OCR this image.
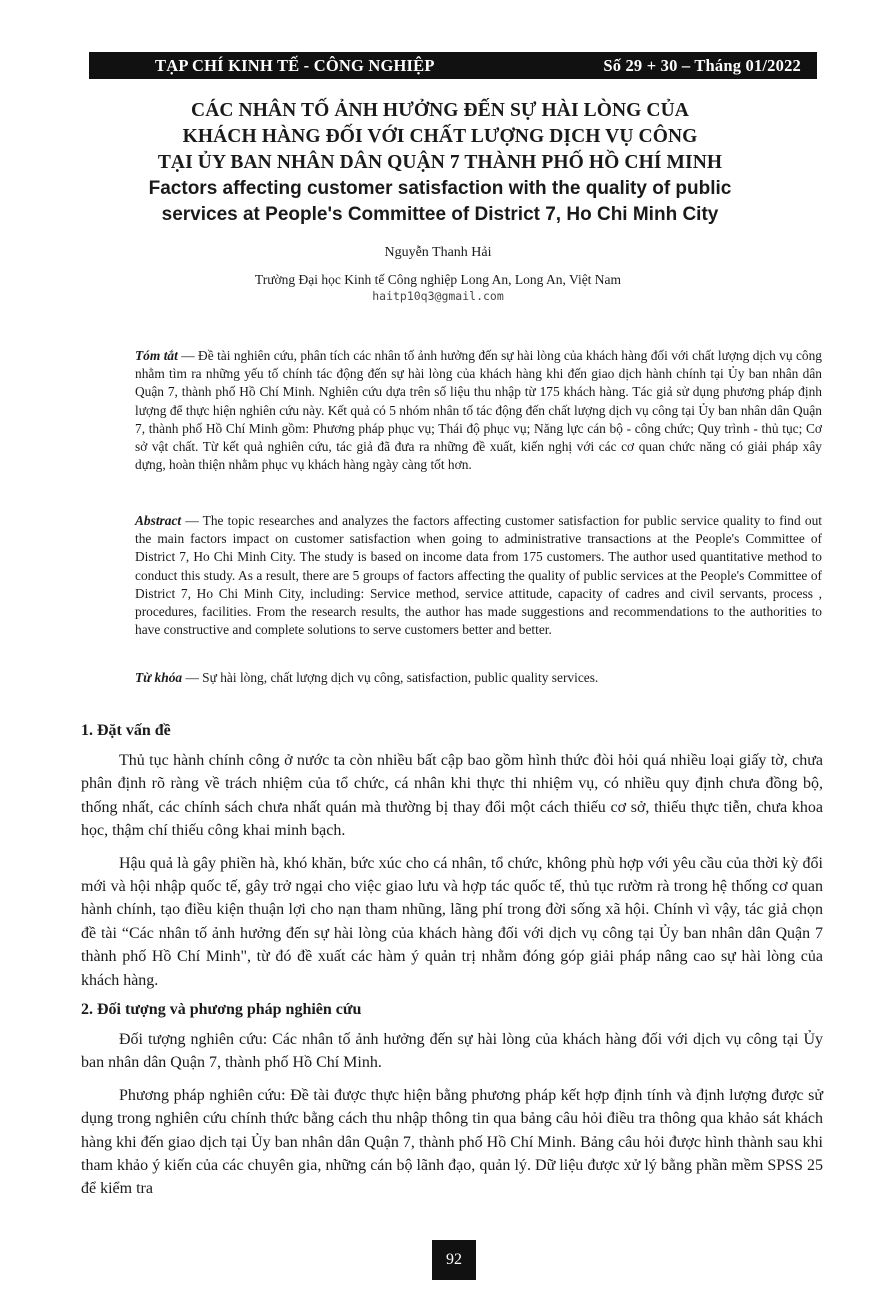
TẠP CHÍ KINH TẾ - CÔNG NGHIỆP	Số 29 + 30 – Tháng 01/2022

CÁC NHÂN TỐ ẢNH HƯỞNG ĐẾN SỰ HÀI LÒNG CỦA

KHÁCH HÀNG ĐỐI VỚI CHẤT LƯỢNG DỊCH VỤ CÔNG

TẠI ỦY BAN NHÂN DÂN QUẬN 7 THÀNH PHỐ HỒ CHÍ MINH

Factors affecting customer satisfaction with the quality of public

services at People's Committee of District 7, Ho Chi Minh City

Nguyễn Thanh Hải
Trường Đại học Kinh tế Công nghiệp Long An, Long An, Việt Nam
haitp10q3@gmail.com

Tóm tắt — Đề tài nghiên cứu, phân tích các nhân tố ảnh hưởng đến sự hài lòng của khách hàng đối với chất lượng dịch vụ công nhằm tìm ra những yếu tố chính tác động đến sự hài lòng của khách hàng khi đến giao dịch hành chính tại Ủy ban nhân dân Quận 7, thành phố Hồ Chí Minh. Nghiên cứu dựa trên số liệu thu nhập từ 175 khách hàng. Tác giả sử dụng phương pháp định lượng để thực hiện nghiên cứu này. Kết quả có 5 nhóm nhân tố tác động đến chất lượng dịch vụ công tại Ủy ban nhân dân Quận 7, thành phố Hồ Chí Minh gồm: Phương pháp phục vụ; Thái độ phục vụ; Năng lực cán bộ - công chức; Quy trình - thủ tục; Cơ sở vật chất. Từ kết quả nghiên cứu, tác giả đã đưa ra những đề xuất, kiến nghị với các cơ quan chức năng có giải pháp xây dựng, hoàn thiện nhằm phục vụ khách hàng ngày càng tốt hơn.

Abstract — The topic researches and analyzes the factors affecting customer satisfaction for public service quality to find out the main factors impact on customer satisfaction when going to administrative transactions at the People's Committee of District 7, Ho Chi Minh City. The study is based on income data from 175 customers. The author used quantitative method to conduct this study. As a result, there are 5 groups of factors affecting the quality of public services at the People's Committee of District 7, Ho Chi Minh City, including: Service method, service attitude, capacity of cadres and civil servants, process , procedures, facilities. From the research results, the author has made suggestions and recommendations to the authorities to have constructive and complete solutions to serve customers better and better.

Từ khóa — Sự hài lòng, chất lượng dịch vụ công, satisfaction, public quality services.

1. Đặt vấn đề

Thủ tục hành chính công ở nước ta còn nhiều bất cập bao gồm hình thức đòi hỏi quá nhiều loại giấy tờ, chưa phân định rõ ràng về trách nhiệm của tổ chức, cá nhân khi thực thi nhiệm vụ, có nhiều quy định chưa đồng bộ, thống nhất, các chính sách chưa nhất quán mà thường bị thay đổi một cách thiếu cơ sở, thiếu thực tiễn, chưa khoa học, thậm chí thiếu công khai minh bạch.

Hậu quả là gây phiền hà, khó khăn, bức xúc cho cá nhân, tổ chức, không phù hợp với yêu cầu của thời kỳ đổi mới và hội nhập quốc tế, gây trở ngại cho việc giao lưu và hợp tác quốc tế, thủ tục rườm rà trong hệ thống cơ quan hành chính, tạo điều kiện thuận lợi cho nạn tham nhũng, lãng phí trong đời sống xã hội. Chính vì vậy, tác giả chọn đề tài “Các nhân tố ảnh hưởng đến sự hài lòng của khách hàng đối với dịch vụ công tại Ủy ban nhân dân Quận 7 thành phố Hồ Chí Minh", từ đó đề xuất các hàm ý quản trị nhằm đóng góp giải pháp nâng cao sự hài lòng của khách hàng.

2. Đối tượng và phương pháp nghiên cứu

Đối tượng nghiên cứu: Các nhân tố ảnh hưởng đến sự hài lòng của khách hàng đối với dịch vụ công tại Ủy ban nhân dân Quận 7, thành phố Hồ Chí Minh.

Phương pháp nghiên cứu: Đề tài được thực hiện bằng phương pháp kết hợp định tính và định lượng được sử dụng trong nghiên cứu chính thức bằng cách thu nhập thông tin qua bảng câu hỏi điều tra thông qua khảo sát khách hàng khi đến giao dịch tại Ủy ban nhân dân Quận 7, thành phố Hồ Chí Minh. Bảng câu hỏi được hình thành sau khi tham khảo ý kiến của các chuyên gia, những cán bộ lãnh đạo, quản lý. Dữ liệu được xử lý bằng phần mềm SPSS 25 để kiểm tra

92
